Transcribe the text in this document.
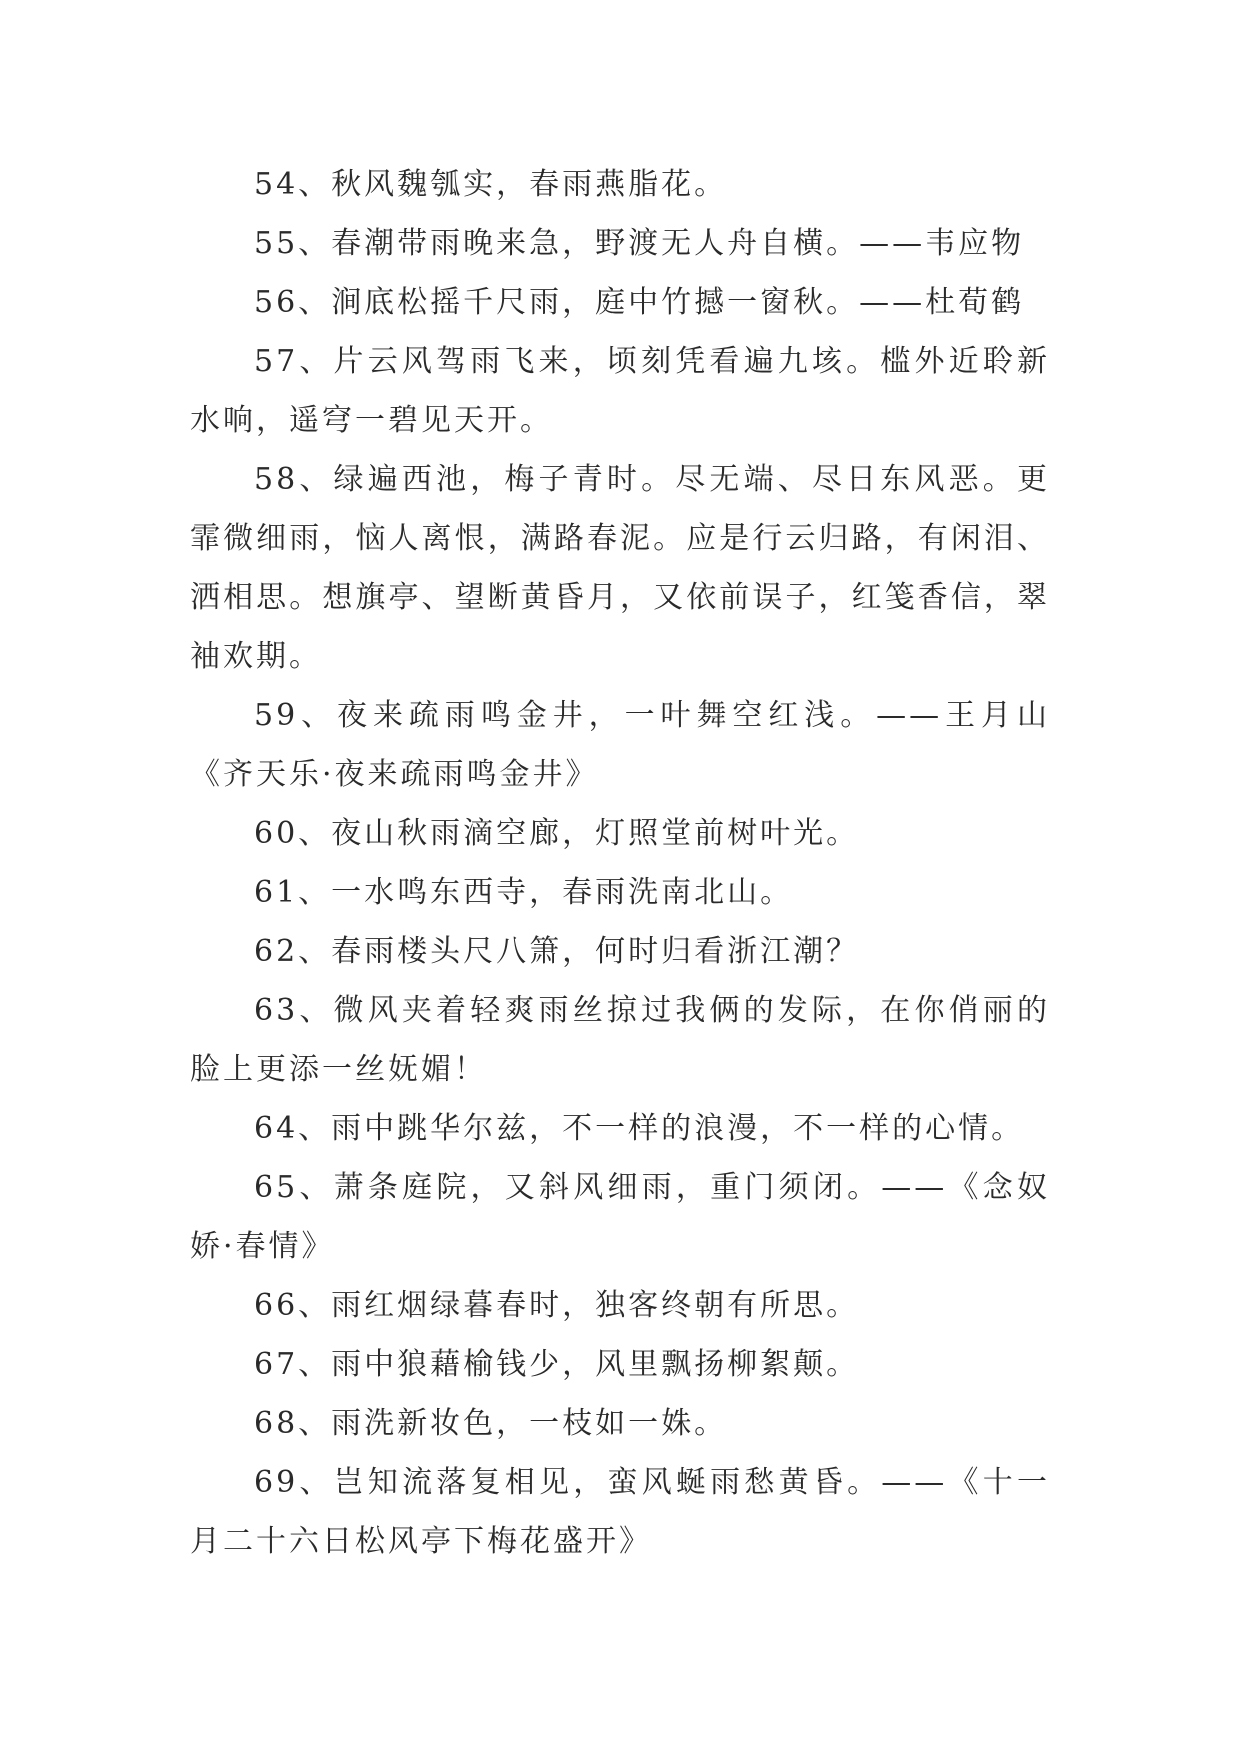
54、秋风魏瓠实，春雨燕脂花。

55、春潮带雨晚来急，野渡无人舟自横。——韦应物

56、涧底松摇千尺雨，庭中竹撼一窗秋。——杜荀鹤

57、片云风驾雨飞来，顷刻凭看遍九垓。槛外近聆新水响，遥穹一碧见天开。

58、绿遍西池，梅子青时。尽无端、尽日东风恶。更霏微细雨，恼人离恨，满路春泥。应是行云归路，有闲泪、洒相思。想旗亭、望断黄昏月，又依前误子，红笺香信，翠袖欢期。

59、夜来疏雨鸣金井，一叶舞空红浅。——王月山《齐天乐·夜来疏雨鸣金井》

60、夜山秋雨滴空廊，灯照堂前树叶光。

61、一水鸣东西寺，春雨洗南北山。

62、春雨楼头尺八箫，何时归看浙江潮？

63、微风夹着轻爽雨丝掠过我俩的发际，在你俏丽的脸上更添一丝妩媚！

64、雨中跳华尔兹，不一样的浪漫，不一样的心情。

65、萧条庭院，又斜风细雨，重门须闭。——《念奴娇·春情》

66、雨红烟绿暮春时，独客终朝有所思。

67、雨中狼藉榆钱少，风里飘扬柳絮颠。

68、雨洗新妆色，一枝如一姝。

69、岂知流落复相见，蛮风蜒雨愁黄昏。——《十一月二十六日松风亭下梅花盛开》
